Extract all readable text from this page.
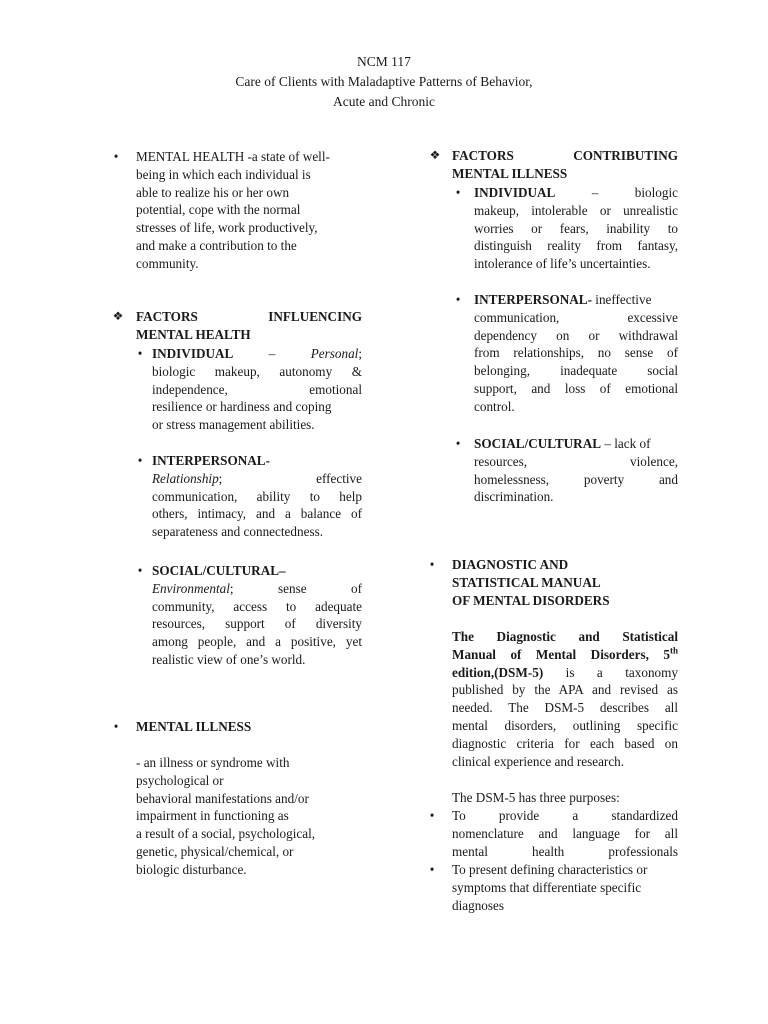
NCM 117
Care of Clients with Maladaptive Patterns of Behavior,
Acute and Chronic
• MENTAL HEALTH -a state of well-
being in which each individual is
able to realize his or her own
potential, cope with the normal
stresses of life, work productively,
and make a contribution to the
community.
❖ FACTORS	INFLUENCING
MENTAL HEALTH
• INDIVIDUAL	–	Personal;
biologic makeup, autonomy &
independence, emotional
resilience or hardiness and coping
or stress management abilities.
• INTERPERSONAL-
Relationship;	effective
communication, ability to help
others, intimacy, and a balance of
separateness and connectedness.
• SOCIAL/CULTURAL–
Environmental;	sense of
community, access to adequate
resources, support of diversity
among people, and a positive, yet
realistic view of one’s world.
• MENTAL ILLNESS
- an illness or syndrome with
psychological or
behavioral manifestations and/or
impairment in functioning as
a result of a social, psychological,
genetic, physical/chemical, or
biologic disturbance.
❖ FACTORS	CONTRIBUTING
MENTAL ILLNESS
• INDIVIDUAL	–	biologic
makeup, intolerable or unrealistic
worries or fears, inability to
distinguish reality from fantasy,
intolerance of life’s uncertainties.
• INTERPERSONAL- ineffective
communication, excessive
dependency on or withdrawal
from relationships, no sense of
belonging, inadequate social
support, and loss of emotional
control.
• SOCIAL/CULTURAL – lack of
resources, violence,
homelessness, poverty and
discrimination.
• DIAGNOSTIC AND
STATISTICAL MANUAL
OF MENTAL DISORDERS
The Diagnostic and Statistical
Manual of Mental Disorders, 5th
edition,(DSM-5) is a taxonomy
published by the APA and revised as
needed. The DSM-5 describes all
mental disorders, outlining specific
diagnostic criteria for each based on
clinical experience and research.
The DSM-5 has three purposes:
• To provide a standardized
nomenclature and language for all
mental health professionals
• To present defining characteristics or
symptoms that differentiate specific
diagnoses
